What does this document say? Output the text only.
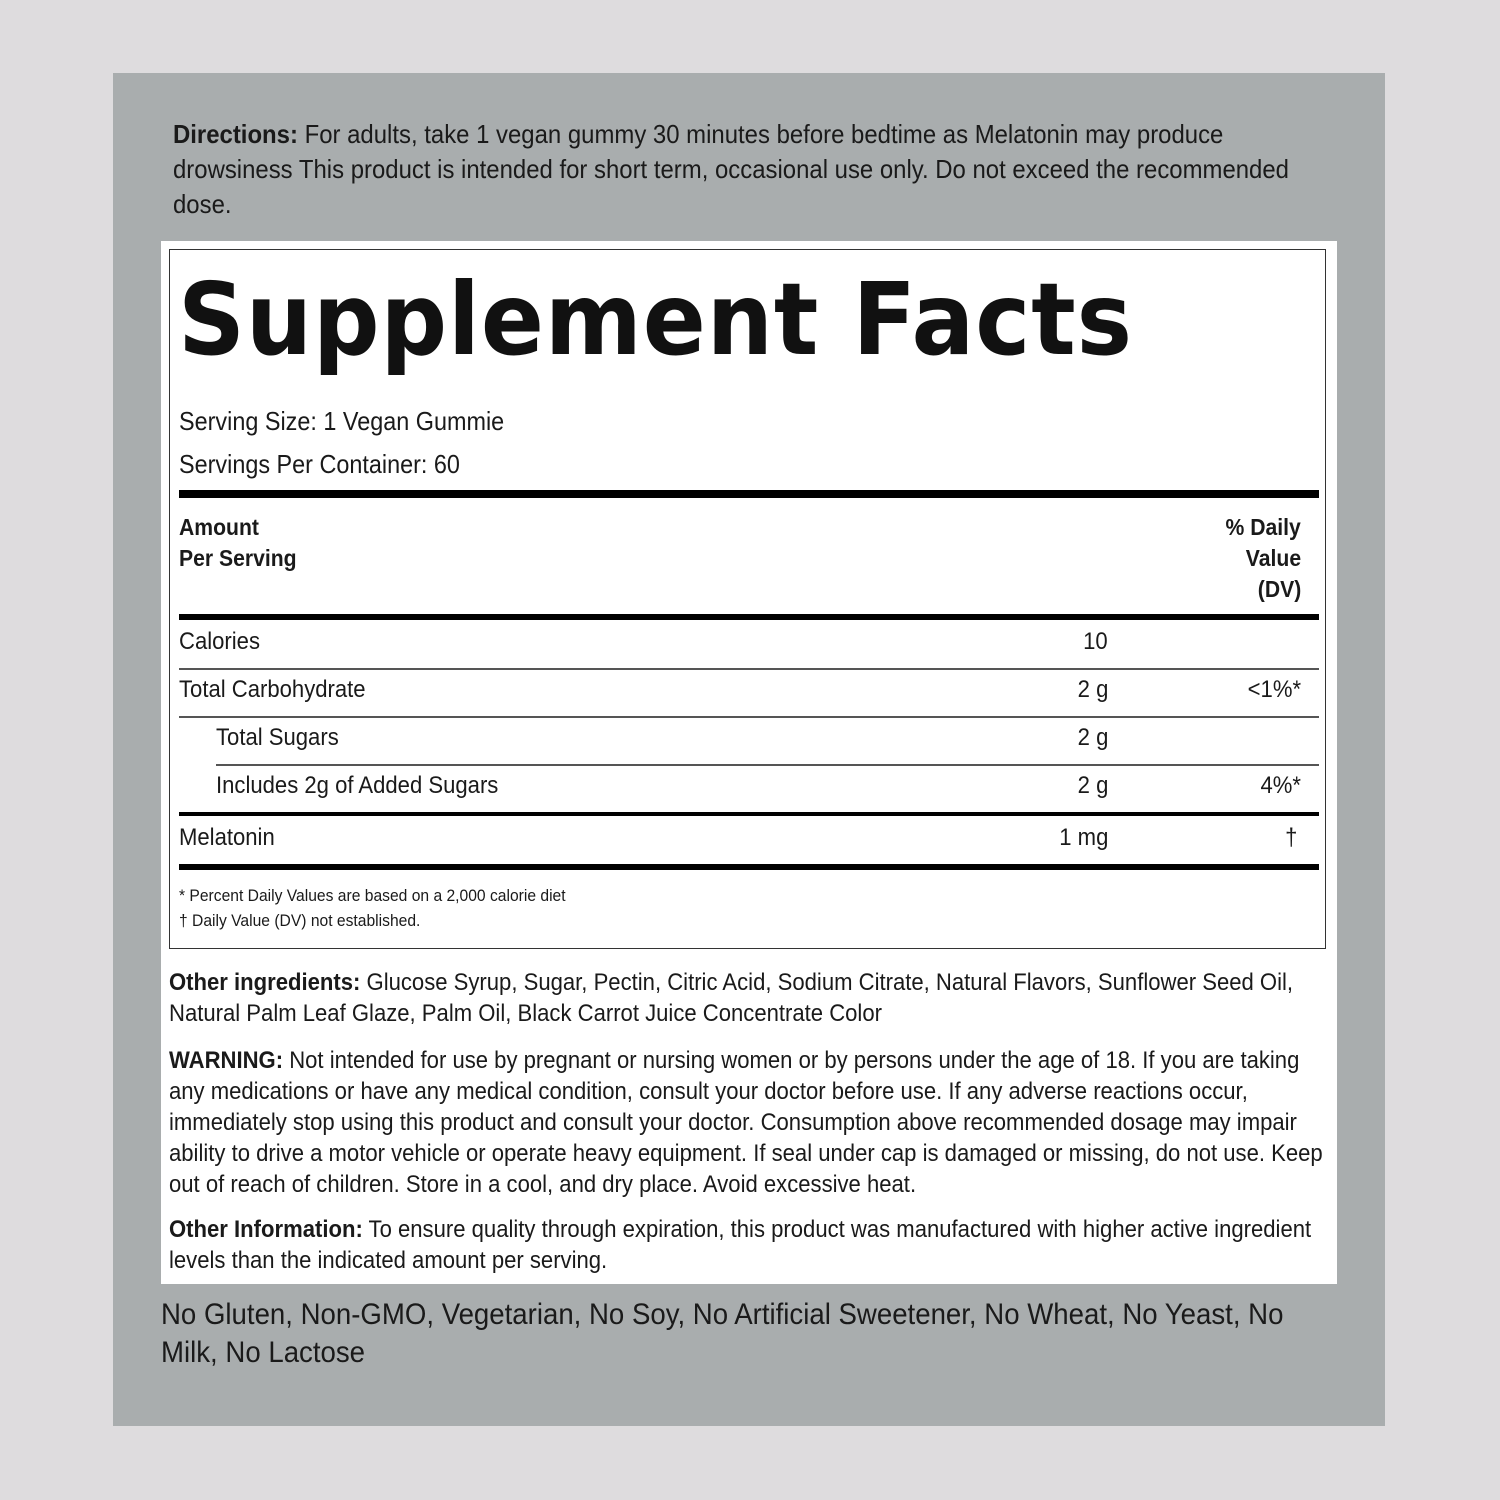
Directions: For adults, take 1 vegan gummy 30 minutes before bedtime as Melatonin may produce drowsiness This product is intended for short term, occasional use only. Do not exceed the recommended dose.
Supplement Facts
Serving Size: 1 Vegan Gummie
Servings Per Container: 60
Amount
Per Serving
% Daily
Value
(DV)
Calories	10
Total Carbohydrate	2 g	<1%*
Total Sugars	2 g
Includes 2g of Added Sugars	2 g	4%*
Melatonin	1 mg	†
* Percent Daily Values are based on a 2,000 calorie diet
† Daily Value (DV) not established.
Other ingredients: Glucose Syrup, Sugar, Pectin, Citric Acid, Sodium Citrate, Natural Flavors, Sunflower Seed Oil, Natural Palm Leaf Glaze, Palm Oil, Black Carrot Juice Concentrate Color
WARNING: Not intended for use by pregnant or nursing women or by persons under the age of 18. If you are taking any medications or have any medical condition, consult your doctor before use. If any adverse reactions occur, immediately stop using this product and consult your doctor. Consumption above recommended dosage may impair ability to drive a motor vehicle or operate heavy equipment. If seal under cap is damaged or missing, do not use. Keep out of reach of children. Store in a cool, and dry place. Avoid excessive heat.
Other Information: To ensure quality through expiration, this product was manufactured with higher active ingredient levels than the indicated amount per serving.
No Gluten, Non-GMO, Vegetarian, No Soy, No Artificial Sweetener, No Wheat, No Yeast, No Milk, No Lactose
